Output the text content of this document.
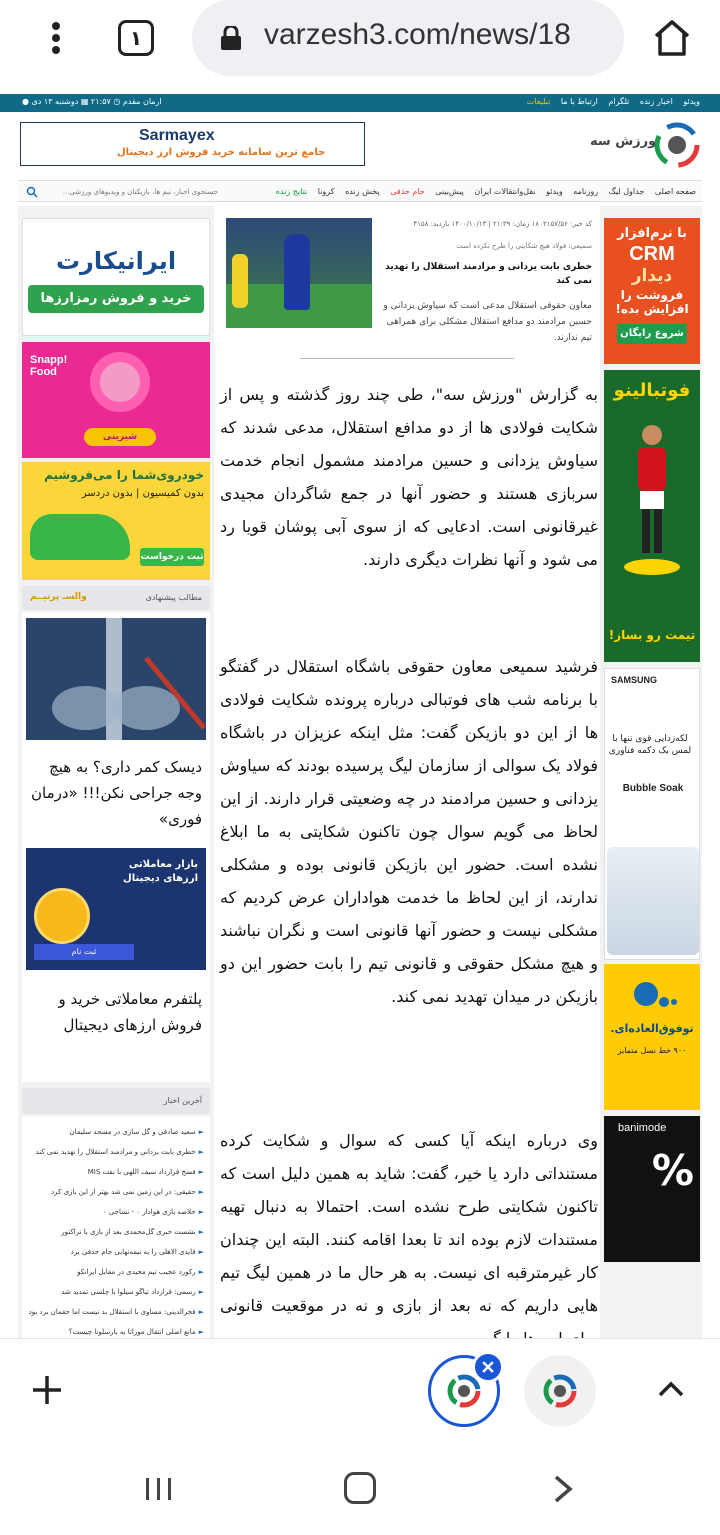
۱	varzesh3.com/news/18
ویدئو اخبار زنده تلگرام ارتباط با ما تبلیغات
●	ارمان مقدم ◷ ۲۱:۵۷ ▦ دوشنبه ۱۳ دی
Sarmayex
جامع ترین سامانه خرید فروش ارز دیجیتال
ورزش سه
صفحه اصلی جداول لیگ روزنامه ویدئو نقل‌وانتقالات ایران پیش‌بینی جام حذفی پخش زنده کرونا نتایج زنده
جستجوی اخبار، تیم ها، بازیکنان و ویدیوهای ورزشی...
با نرم‌افزار
CRM
دیدار
فروشت را افزایش بده!
شروع رایگان
فوتبالینو
تیمت رو بساز!
SAMSUNG
لکه‌زدایی قوی تنها با لمس یک دکمه فناوری
Bubble Soak
توفوق‌العاده‌ای.
۹۰۰ خط نسل متمایز
banimode
%
ایرانیکارت
خرید و فروش رمزارزها
Snapp! Food
شیرینی
خودروی‌شما را می‌فروشیم
بدون کمیسیون | بدون دردسر
ثبت درخواست
مطالب پیشنهادی
والسـ پرنیــم
دیسک کمر داری؟ به هیچ وجه جراحی نکن!!! «درمان فوری»
بازار معاملاتی ارزهای دیجیتال
ثبت نام
پلتفرم معاملاتی خرید و فروش ارزهای دیجیتال
آخرین اخبار
►سعید صادقی و گل سازی در مسجد سلیمان
►خطری بابت یزدانی و مرادمند استقلال را تهدید نمی کند
►فسخ قرارداد سیف اللهی با نفت MIS
►حقیقی: در این زمین نمی شد بهتر از این بازی کرد
►خلاصه بازی هوادار ۰ - نساجی ۰
►نشست خبری گل‌محمدی بعد از بازی با تراکتور
►قایدی الاهلی را به نیمه‌نهایی جام حذفی برد
►رکورد عجیب تیم مجیدی در مقابل ایرانکو
►رسمی: قرارداد تیاگو سیلوا با چلسی تمدید شد
►فخرالدینی: مساوی با استقلال بد نیست اما حقمان برد بود
►مانع اصلی انتقال موراتا به بارسلونا چیست؟
کد خبر: ۱۸۰۲۱۵۷/۵۶ زمان: ۲۱:۳۹ | ۱۴۰۰/۱۰/۱۳ بازدید: ۴۱۵۸
سمیعی: فولاد هیچ شکایتی را طرح نکرده است
خطری بابت یزدانی و مرادمند استقلال را تهدید نمی کند
معاون حقوقی استقلال مدعی است که سیاوش یزدانی و حسین مرادمند دو مدافع استقلال مشکلی برای همراهی تیم ندارند.
به گزارش "ورزش سه"، طی چند روز گذشته و پس از شکایت فولادی ها از دو مدافع استقلال، مدعی شدند که سیاوش یزدانی و حسین مرادمند مشمول انجام خدمت سربازی هستند و حضور آنها در جمع شاگردان مجیدی غیرقانونی است. ادعایی که از سوی آبی پوشان قویا رد می شود و آنها نظرات دیگری دارند.
فرشید سمیعی معاون حقوقی باشگاه استقلال در گفتگو با برنامه شب های فوتبالی درباره پرونده شکایت فولادی ها از این دو بازیکن گفت: مثل اینکه عزیزان در باشگاه فولاد یک سوالی از سازمان لیگ پرسیده بودند که سیاوش یزدانی و حسین مرادمند در چه وضعیتی قرار دارند. از این لحاظ می گویم سوال چون تاکنون شکایتی به ما ابلاغ نشده است. حضور این بازیکن قانونی بوده و مشکلی ندارند، از این لحاظ ما خدمت هواداران عرض کردیم که مشکلی نیست و حضور آنها قانونی است و نگران نباشند و هیچ مشکل حقوقی و قانونی تیم را بابت حضور این دو بازیکن در میدان تهدید نمی کند.
وی درباره اینکه آیا کسی که سوال و شکایت کرده مستنداتی دارد یا خیر، گفت: شاید به همین دلیل است که تاکنون شکایتی طرح نشده است. احتمالا به دنبال تهیه مستندات لازم بوده اند تا بعدا اقامه کنند. البته این چندان کار غیرمترقبه ای نیست. به هر حال ما در همین لیگ تیم هایی داریم که نه بعد از بازی و نه در موقعیت قانونی
